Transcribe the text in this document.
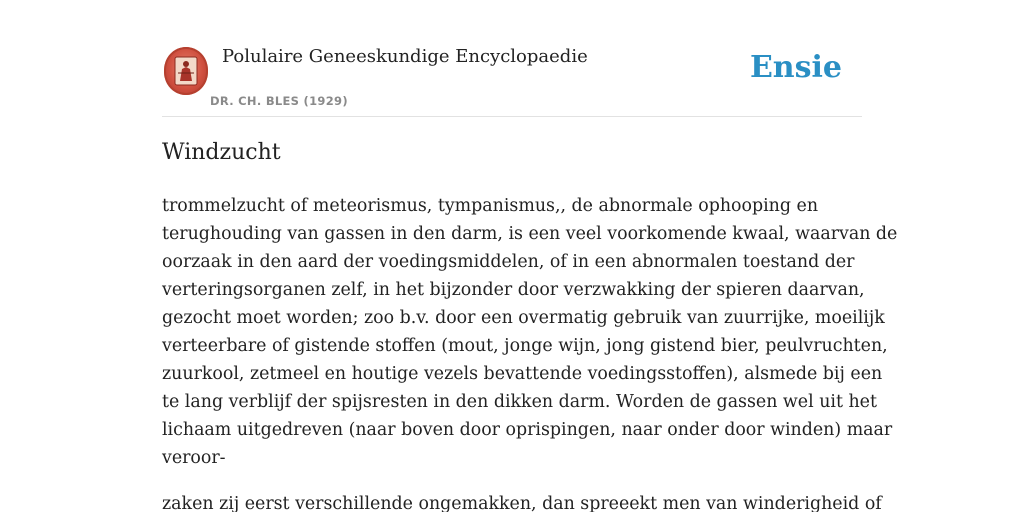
Polulaire Geneeskundige Encyclopaedie
DR. CH. BLES (1929)
Ensie
Windzucht

trommelzucht of meteorismus, tympanismus,, de abnormale ophooping en
terughouding van gassen in den darm, is een veel voorkomende kwaal, waarvan de
oorzaak in den aard der voedingsmiddelen, of in een abnormalen toestand der
verteringsorganen zelf, in het bijzonder door verzwakking der spieren daarvan,
gezocht moet worden; zoo b.v. door een overmatig gebruik van zuurrijke, moeilijk
verteerbare of gistende stoffen (mout, jonge wijn, jong gistend bier, peulvruchten,
zuurkool, zetmeel en houtige vezels bevattende voedingsstoffen), alsmede bij een
te lang verblijf der spijsresten in den dikken darm. Worden de gassen wel uit het
lichaam uitgedreven (naar boven door oprispingen, naar onder door winden) maar
veroor-

zaken zij eerst verschillende ongemakken, dan spreeekt men van winderigheid of
